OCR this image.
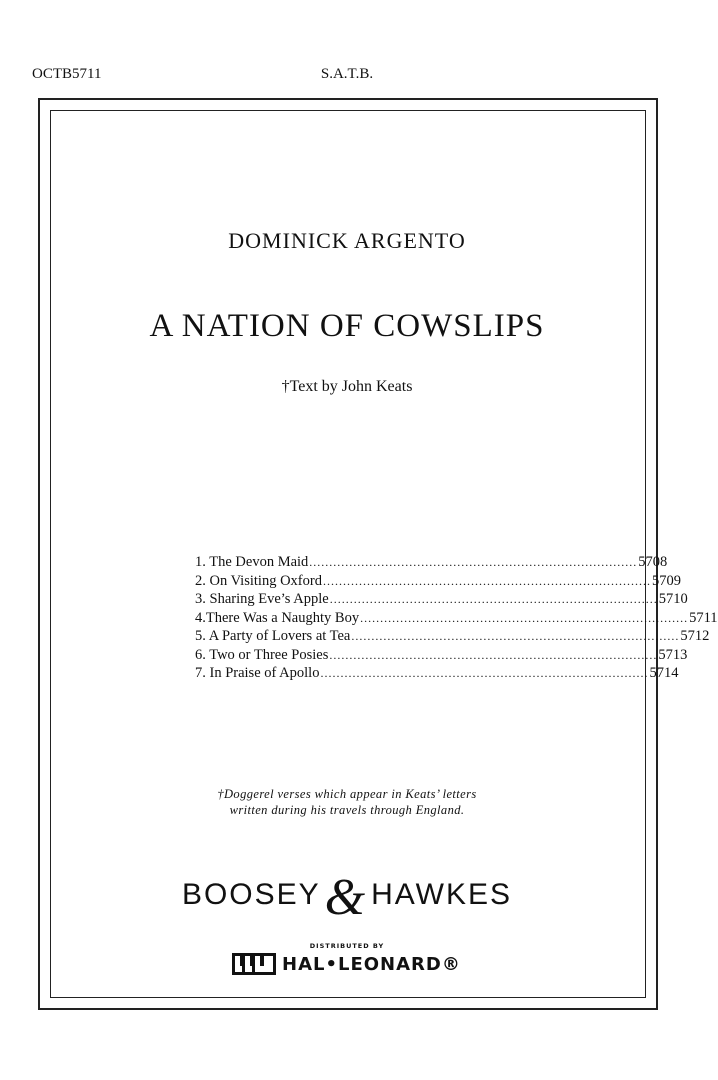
OCTB5711	S.A.T.B.
DOMINICK ARGENTO
A NATION OF COWSLIPS
†Text by John Keats
1. The Devon Maid .................................................................................. 5708
2. On Visiting Oxford .................................................................................. 5709
3. Sharing Eve’s Apple .................................................................................. 5710
4.There Was a Naughty Boy .................................................................................. 5711
5. A Party of Lovers at Tea .................................................................................. 5712
6. Two or Three Posies .................................................................................. 5713
7. In Praise of Apollo .................................................................................. 5714
†Doggerel verses which appear in Keats’ letters
written during his travels through England.
BOOSEY& HAWKES
DISTRIBUTED BY
HAL•LEONARD®
